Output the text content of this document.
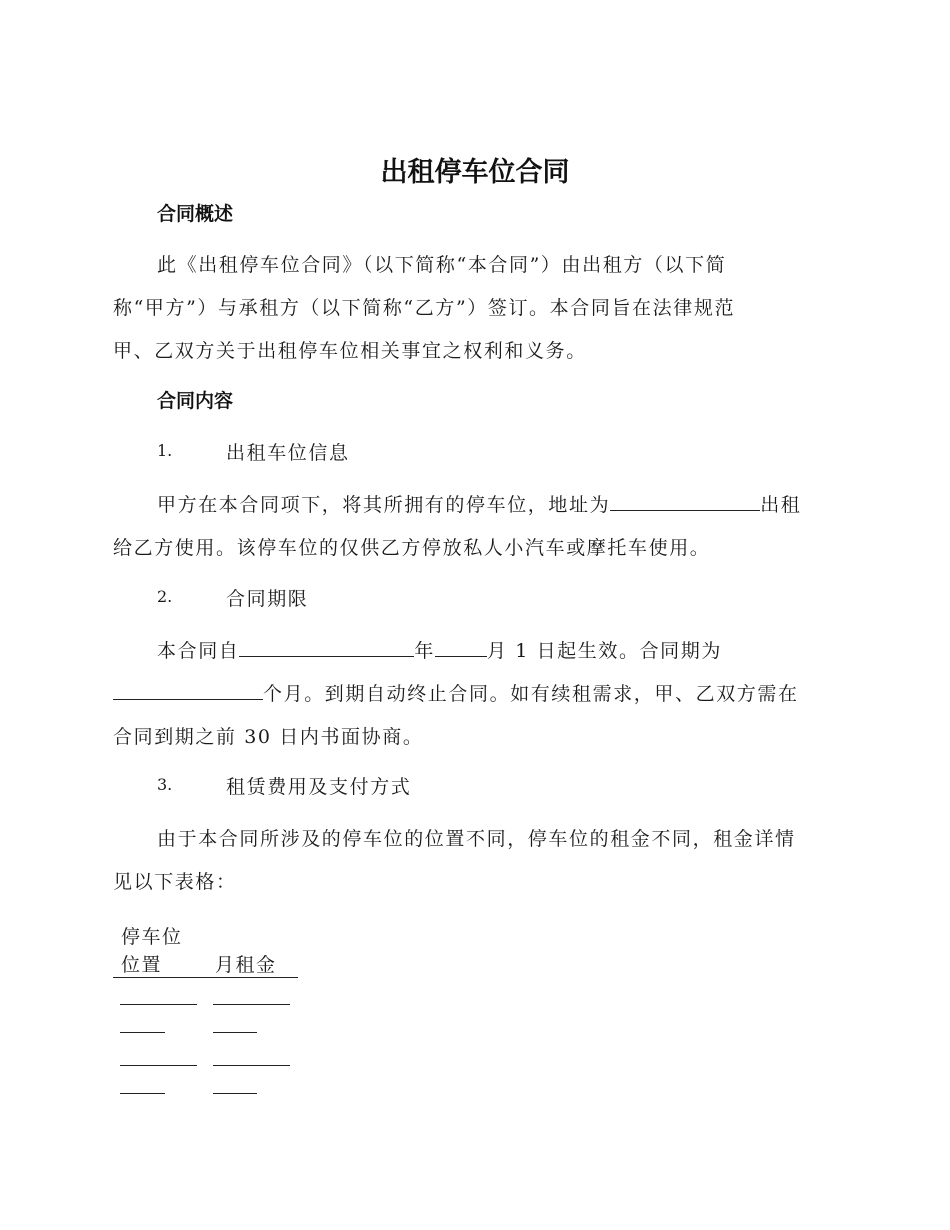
出租停车位合同
合同概述
此《出租停车位合同》（以下简称“本合同”）由出租方（以下简
称“甲方”）与承租方（以下简称“乙方”）签订。本合同旨在法律规范
甲、乙双方关于出租停车位相关事宜之权利和义务。
合同内容
1.	出租车位信息
甲方在本合同项下，将其所拥有的停车位，地址为	出租
给乙方使用。该停车位的仅供乙方停放私人小汽车或摩托车使用。
2.	合同期限
本合同自	年	月 1 日起生效。合同期为
个月。到期自动终止合同。如有续租需求，甲、乙双方需在
合同到期之前 30 日内书面协商。
3.	租赁费用及支付方式
由于本合同所涉及的停车位的位置不同，停车位的租金不同，租金详情
见以下表格：
停车位
位置	月租金
